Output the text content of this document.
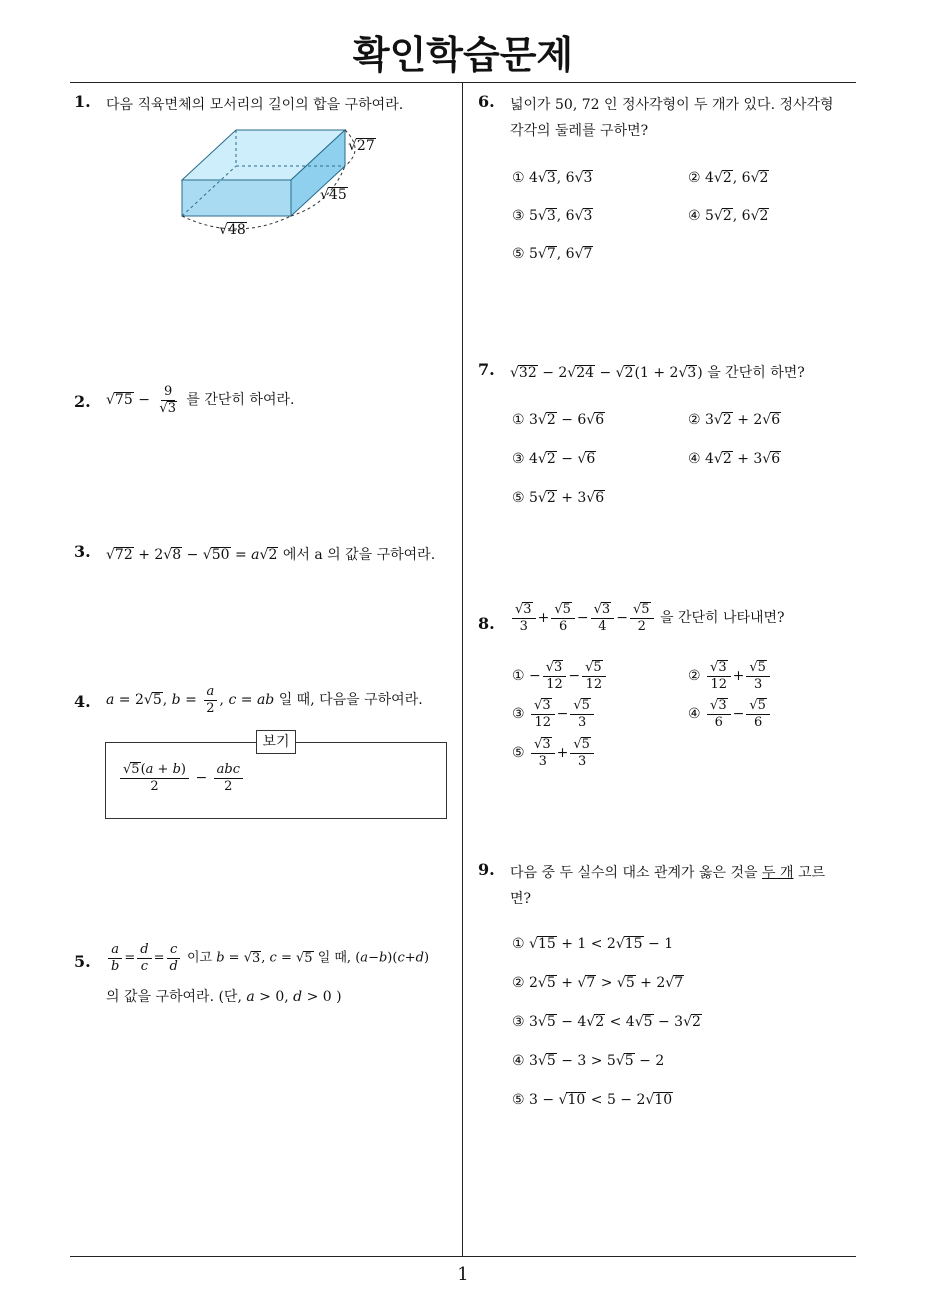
확인학습문제
1
1. 다음 직육면체의 모서리의 길이의 합을 구하여라.
√27
√45
√48
2. $√75 - \frac{9}{√3}$ 를 간단히 하여라.
3. √72 + 2√8 − √50 = a√2 에서 a 의 값을 구하여라.
4. a = 2√5, $b = \frac{a}{2}$ , c = ab 일 때, 다음을 구하여라.
보기
$\frac{√5(a + b)}{2}$ −
abc
2
5. $\frac{a}{b} = \frac{d}{c} = \frac{c}{d}$ 이고 b = √3, c = √5 일 때, (a−b)(c+d)
의 값을 구하여라. (단, a > 0, d > 0 )
6. 넓이가 50, 72 인 정사각형이 두 개가 있다. 정사각형
각각의 둘레를 구하면?
① 4√3, 6√3	② 4√2, 6√2
③ 5√3, 6√3	④ 5√2, 6√2
⑤ 5√7, 6√7
7. √32 − 2√24 − √2(1 + 2√3) 을 간단히 하면?
① 3√2 − 6√6	② 3√2 + 2√6
③ 4√2 − √6	④ 4√2 + 3√6
⑤ 5√2 + 3√6
8. $\frac{√3}{3} + \frac{√5}{6} - \frac{√3}{4} - \frac{√5}{2}$ 을 간단히 나타내면?
① − $\frac{√3}{12} - \frac{√5}{12}$	② $\frac{√3}{12} + \frac{√5}{3}$
③ $\frac{√3}{12} - \frac{√5}{3}$	④ $\frac{√3}{6} - \frac{√5}{6}$
⑤ $\frac{√3}{3} + \frac{√5}{3}$
9. 다음 중 두 실수의 대소 관계가 옳은 것을 두 개 고르
면?
① √15 + 1 < 2√15 − 1
② 2√5 + √7 > √5 + 2√7
③ 3√5 − 4√2 < 4√5 − 3√2
④ 3√5 − 3 > 5√5 − 2
⑤ 3 − √10 < 5 − 2√10
